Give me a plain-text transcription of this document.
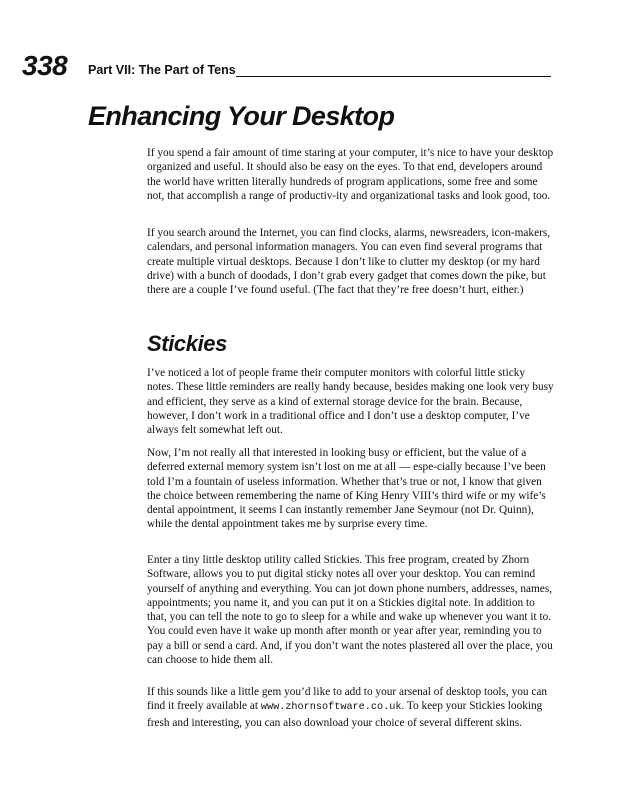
338 Part VII: The Part of Tens
Enhancing Your Desktop

If you spend a fair amount of time staring at your computer, it’s nice to have your desktop organized and useful. It should also be easy on the eyes. To that end, developers around the world have written literally hundreds of program applications, some free and some not, that accomplish a range of productiv-ity and organizational tasks and look good, too.

If you search around the Internet, you can find clocks, alarms, newsreaders, icon-makers, calendars, and personal information managers. You can even find several programs that create multiple virtual desktops. Because I don’t like to clutter my desktop (or my hard drive) with a bunch of doodads, I don’t grab every gadget that comes down the pike, but there are a couple I’ve found useful. (The fact that they’re free doesn’t hurt, either.)

Stickies

I’ve noticed a lot of people frame their computer monitors with colorful little sticky notes. These little reminders are really handy because, besides making one look very busy and efficient, they serve as a kind of external storage device for the brain. Because, however, I don’t work in a traditional office and I don’t use a desktop computer, I’ve always felt somewhat left out.

Now, I’m not really all that interested in looking busy or efficient, but the value of a deferred external memory system isn’t lost on me at all — espe-cially because I’ve been told I’m a fountain of useless information. Whether that’s true or not, I know that given the choice between remembering the name of King Henry VIII’s third wife or my wife’s dental appointment, it seems I can instantly remember Jane Seymour (not Dr. Quinn), while the dental appointment takes me by surprise every time.

Enter a tiny little desktop utility called Stickies. This free program, created by Zhorn Software, allows you to put digital sticky notes all over your desktop. You can remind yourself of anything and everything. You can jot down phone numbers, addresses, names, appointments; you name it, and you can put it on a Stickies digital note. In addition to that, you can tell the note to go to sleep for a while and wake up whenever you want it to. You could even have it wake up month after month or year after year, reminding you to pay a bill or send a card. And, if you don’t want the notes plastered all over the place, you can choose to hide them all.

If this sounds like a little gem you’d like to add to your arsenal of desktop tools, you can find it freely available at www.zhornsoftware.co.uk. To keep your Stickies looking fresh and interesting, you can also download your choice of several different skins.
